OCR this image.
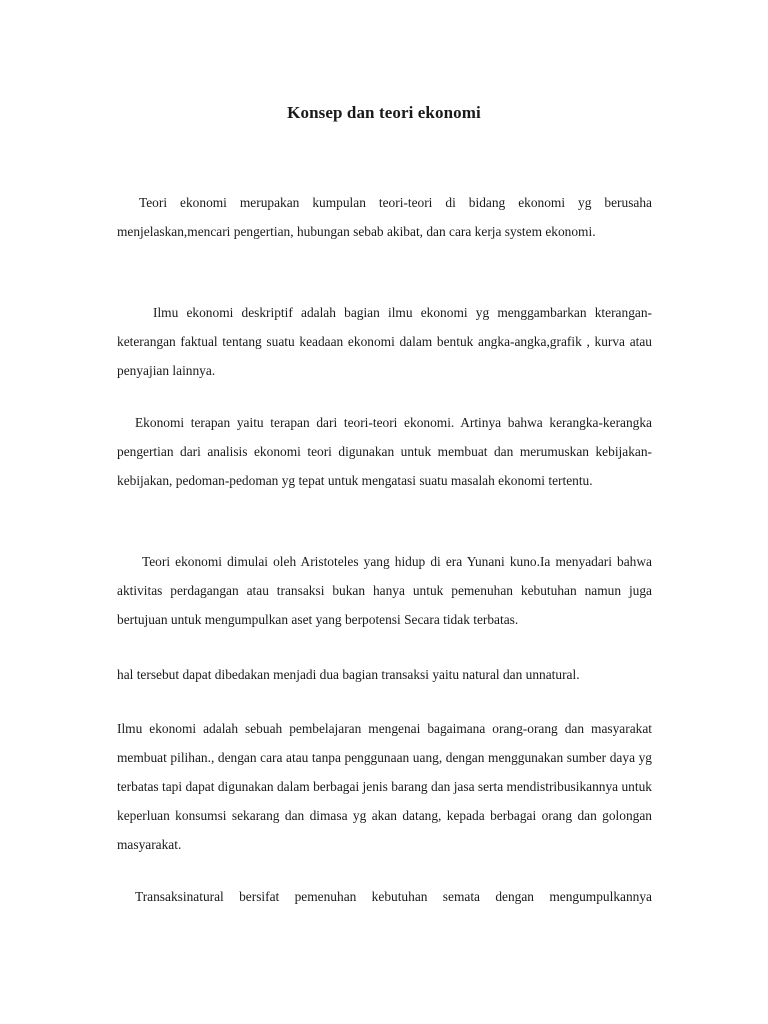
Konsep dan teori ekonomi

Teori ekonomi merupakan kumpulan teori-teori di bidang ekonomi yg berusaha menjelaskan,mencari pengertian, hubungan sebab akibat, dan cara kerja system ekonomi.

Ilmu ekonomi deskriptif adalah bagian ilmu ekonomi yg menggambarkan kterangan-keterangan faktual tentang suatu keadaan ekonomi dalam bentuk angka-angka,grafik , kurva atau penyajian lainnya.

Ekonomi terapan yaitu terapan dari teori-teori ekonomi. Artinya bahwa kerangka-kerangka pengertian dari analisis ekonomi teori digunakan untuk membuat dan merumuskan kebijakan-kebijakan, pedoman-pedoman yg tepat untuk mengatasi suatu masalah ekonomi tertentu.

Teori ekonomi dimulai oleh Aristoteles yang hidup di era Yunani kuno.Ia menyadari bahwa aktivitas perdagangan atau transaksi bukan hanya untuk pemenuhan kebutuhan namun juga bertujuan untuk mengumpulkan aset yang berpotensi Secara tidak terbatas.

hal tersebut dapat dibedakan menjadi dua bagian transaksi yaitu natural dan unnatural.

Ilmu ekonomi adalah sebuah pembelajaran mengenai bagaimana orang-orang dan masyarakat membuat pilihan., dengan cara atau tanpa penggunaan uang, dengan menggunakan sumber daya yg terbatas tapi dapat digunakan dalam berbagai jenis barang dan jasa serta mendistribusikannya untuk keperluan konsumsi sekarang dan dimasa yg akan datang, kepada berbagai orang dan golongan masyarakat.

Transaksinatural bersifat pemenuhan kebutuhan semata dengan mengumpulkannya
